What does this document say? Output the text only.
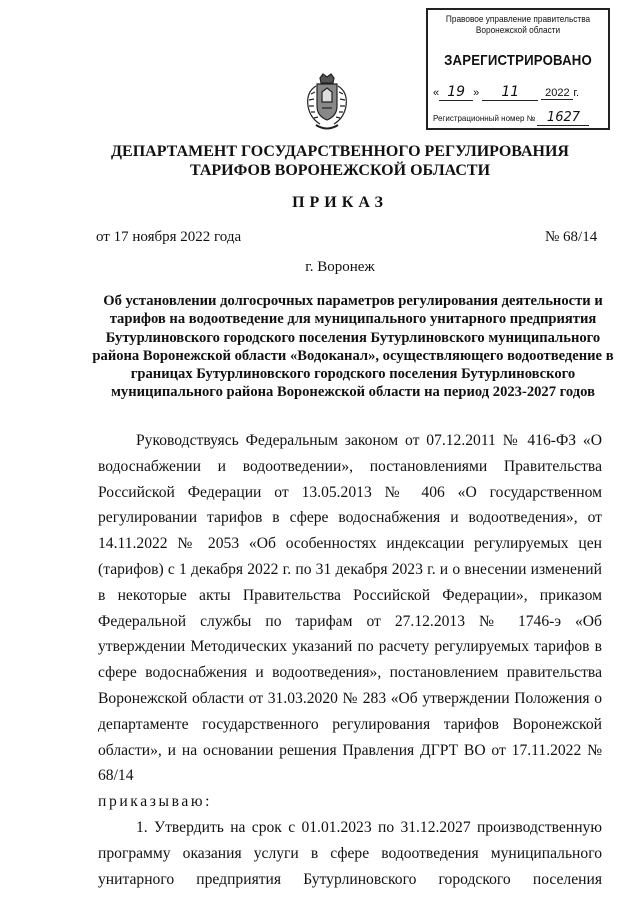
Правовое управление правительства
Воронежской области
ЗАРЕГИСТРИРОВАНО
« 19 » 11 2022 г.
Регистрационный номер № 1627
ДЕПАРТАМЕНТ ГОСУДАРСТВЕННОГО РЕГУЛИРОВАНИЯ
ТАРИФОВ ВОРОНЕЖСКОЙ ОБЛАСТИ
ПРИКАЗ
от 17 ноября 2022 года	№ 68/14
г. Воронеж
Об установлении долгосрочных параметров регулирования деятельности и тарифов на водоотведение для муниципального унитарного предприятия Бутурлиновского городского поселения Бутурлиновского муниципального района Воронежской области «Водоканал», осуществляющего водоотведение в границах Бутурлиновского городского поселения Бутурлиновского муниципального района Воронежской области на период 2023-2027 годов

Руководствуясь Федеральным законом от 07.12.2011 № 416-ФЗ «О водоснабжении и водоотведении», постановлениями Правительства Российской Федерации от 13.05.2013 № 406 «О государственном регулировании тарифов в сфере водоснабжения и водоотведения», от 14.11.2022 № 2053 «Об особенностях индексации регулируемых цен (тарифов) с 1 декабря 2022 г. по 31 декабря 2023 г. и о внесении изменений в некоторые акты Правительства Российской Федерации», приказом Федеральной службы по тарифам от 27.12.2013 № 1746-э «Об утверждении Методических указаний по расчету регулируемых тарифов в сфере водоснабжения и водоотведения», постановлением правительства Воронежской области от 31.03.2020 № 283 «Об утверждении Положения о департаменте государственного регулирования тарифов Воронежской области», и на основании решения Правления ДГРТ ВО от 17.11.2022 № 68/14

приказываю:

1. Утвердить на срок с 01.01.2023 по 31.12.2027 производственную программу оказания услуги в сфере водоотведения муниципального унитарного предприятия Бутурлиновского городского поселения
